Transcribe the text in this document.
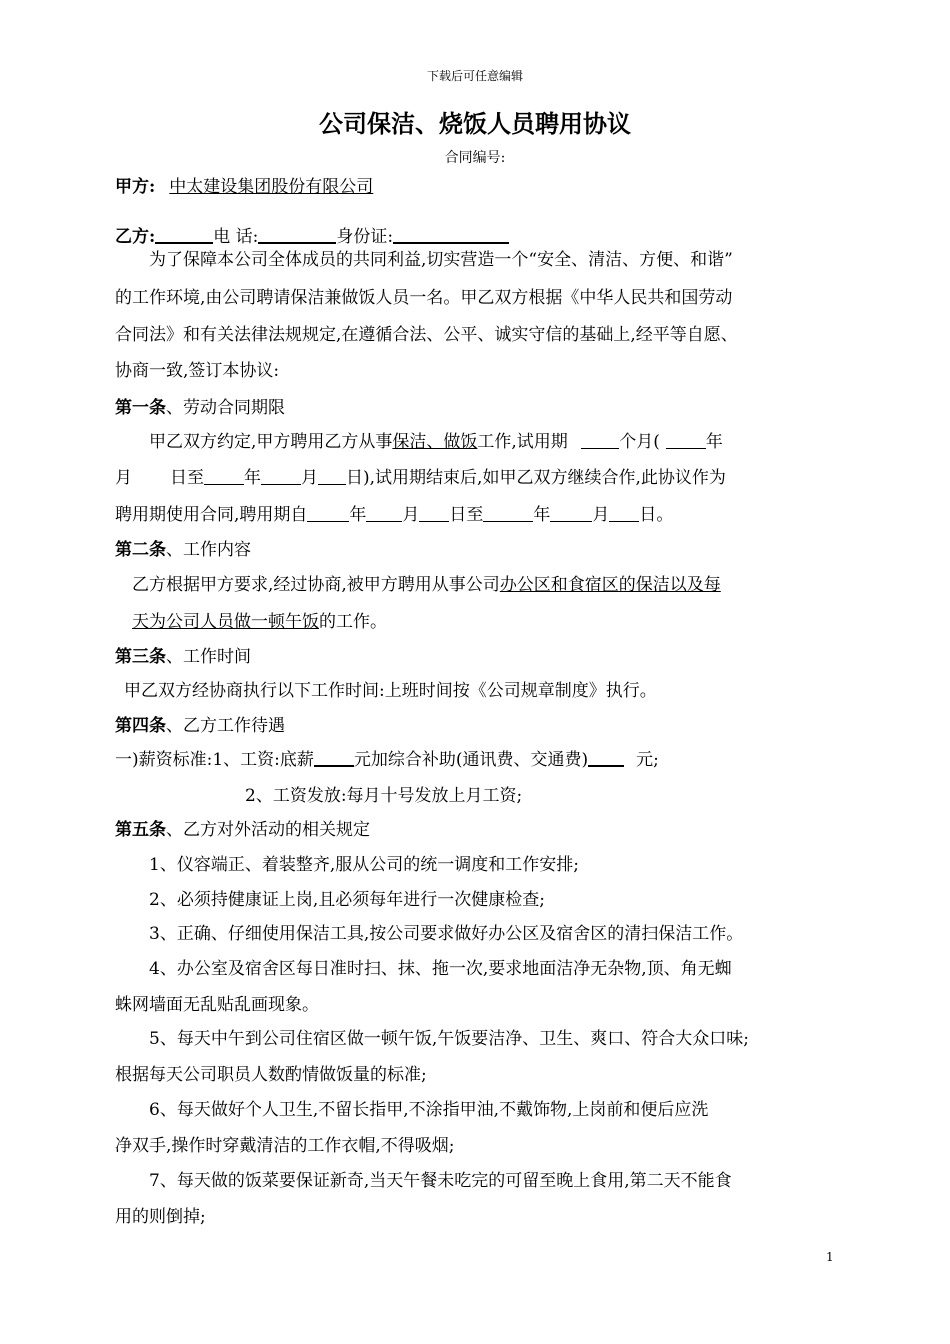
下载后可任意编辑
公司保洁、烧饭人员聘用协议
合同编号:
甲方: 中太建设集团股份有限公司
乙方:	电 话:	身份证:
为了保障本公司全体成员的共同利益,切实营造一个“安全、清洁、方便、和谐”
的工作环境,由公司聘请保洁兼做饭人员一名。甲乙双方根据《中华人民共和国劳动
合同法》和有关法律法规规定,在遵循合法、公平、诚实守信的基础上,经平等自愿、
协商一致,签订本协议:
第一条、劳动合同期限
甲乙双方约定,甲方聘用乙方从事保洁、做饭工作,试用期	个月(	年
月 日至 年 月 日),试用期结束后,如甲乙双方继续合作,此协议作为
聘用期使用合同,聘用期自 年 月 日至	年 月 日。
第二条、工作内容
乙方根据甲方要求,经过协商,被甲方聘用从事公司办公区和食宿区的保洁以及每
天为公司人员做一顿午饭的工作。
第三条、工作时间
甲乙双方经协商执行以下工作时间:上班时间按《公司规章制度》执行。
第四条、乙方工作待遇
一)薪资标准:1、工资:底薪 元加综合补助(通讯费、交通费)	元;
2、工资发放:每月十号发放上月工资;
第五条、乙方对外活动的相关规定
1、仪容端正、着装整齐,服从公司的统一调度和工作安排;
2、必须持健康证上岗,且必须每年进行一次健康检查;
3、正确、仔细使用保洁工具,按公司要求做好办公区及宿舍区的清扫保洁工作。
4、办公室及宿舍区每日准时扫、抹、拖一次,要求地面洁净无杂物,顶、角无蜘
蛛网墙面无乱贴乱画现象。
5、每天中午到公司住宿区做一顿午饭,午饭要洁净、卫生、爽口、符合大众口味;
根据每天公司职员人数酌情做饭量的标准;
6、每天做好个人卫生,不留长指甲,不涂指甲油,不戴饰物,上岗前和便后应洗
净双手,操作时穿戴清洁的工作衣帽,不得吸烟;
7、每天做的饭菜要保证新奇,当天午餐未吃完的可留至晚上食用,第二天不能食
用的则倒掉;
1
